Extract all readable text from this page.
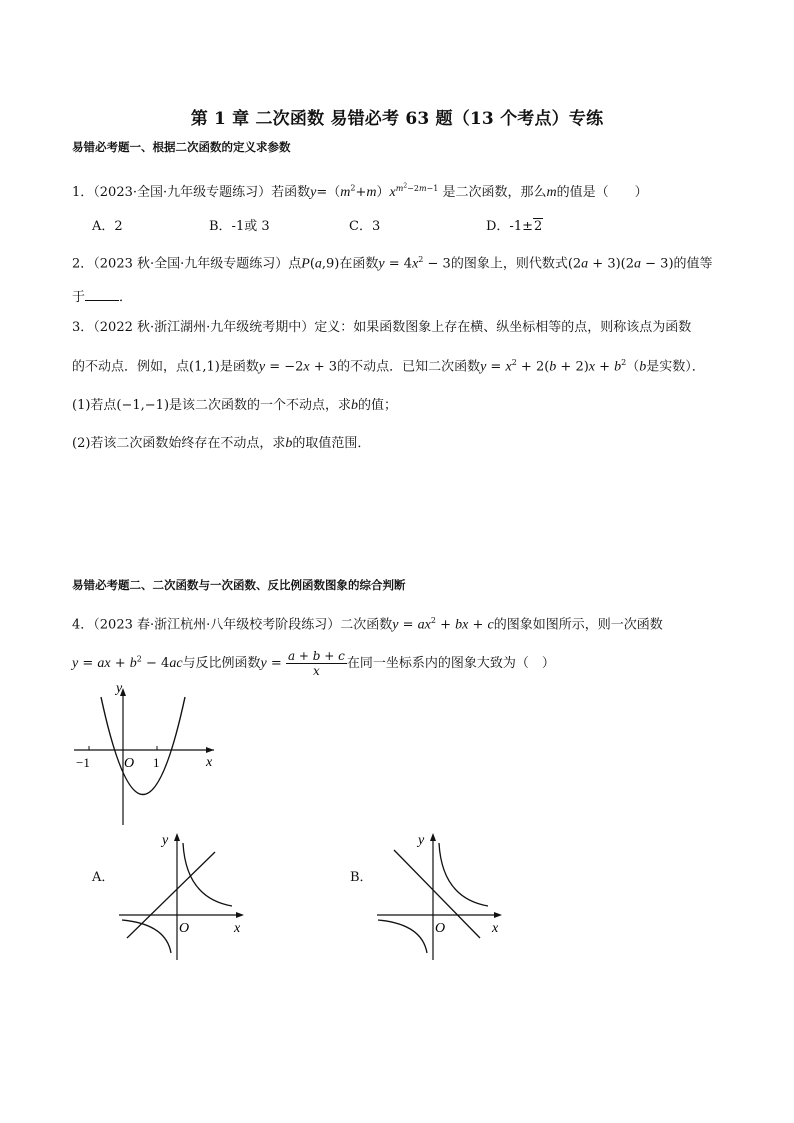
第 1 章 二次函数 易错必考 63 题（13 个考点）专练
易错必考题一、根据二次函数的定义求参数
1．（2023·全国·九年级专题练习）若函数$y=(m^2+m)x^{m^2-2m-1}$ 是二次函数，那么m的值是（　　）
A．2	B．-1或 3	C．3	D．-1±2
2．（2023 秋·全国·九年级专题练习）点P(a,9)在函数$y = 4x^2 - 3$的图象上，则代数式(2a + 3)(2a − 3)的值等
于	．
3．（2022 秋·浙江湖州·九年级统考期中）定义：如果函数图象上存在横、纵坐标相等的点，则称该点为函数
的不动点．例如，点(1,1)是函数y = −2x + 3的不动点．已知二次函数$y = x^2 + 2(b + 2)x + b^2(b$是实数）．
(1)若点(−1,−1)是该二次函数的一个不动点，求b的值；
(2)若该二次函数始终存在不动点，求b的取值范围．
易错必考题二、二次函数与一次函数、反比例函数图象的综合判断
4．（2023 春·浙江杭州·八年级校考阶段练习）二次函数$y = ax^2$ + bx + c的图象如图所示，则一次函数
y = ax + $b^2 - 4ac$与反比例函数$y = \frac{a + b + c}{x}$ 在同一坐标系内的图象大致为（　）
y
x
O
−1	1
A．
y
x
O
B．
y
x
O
